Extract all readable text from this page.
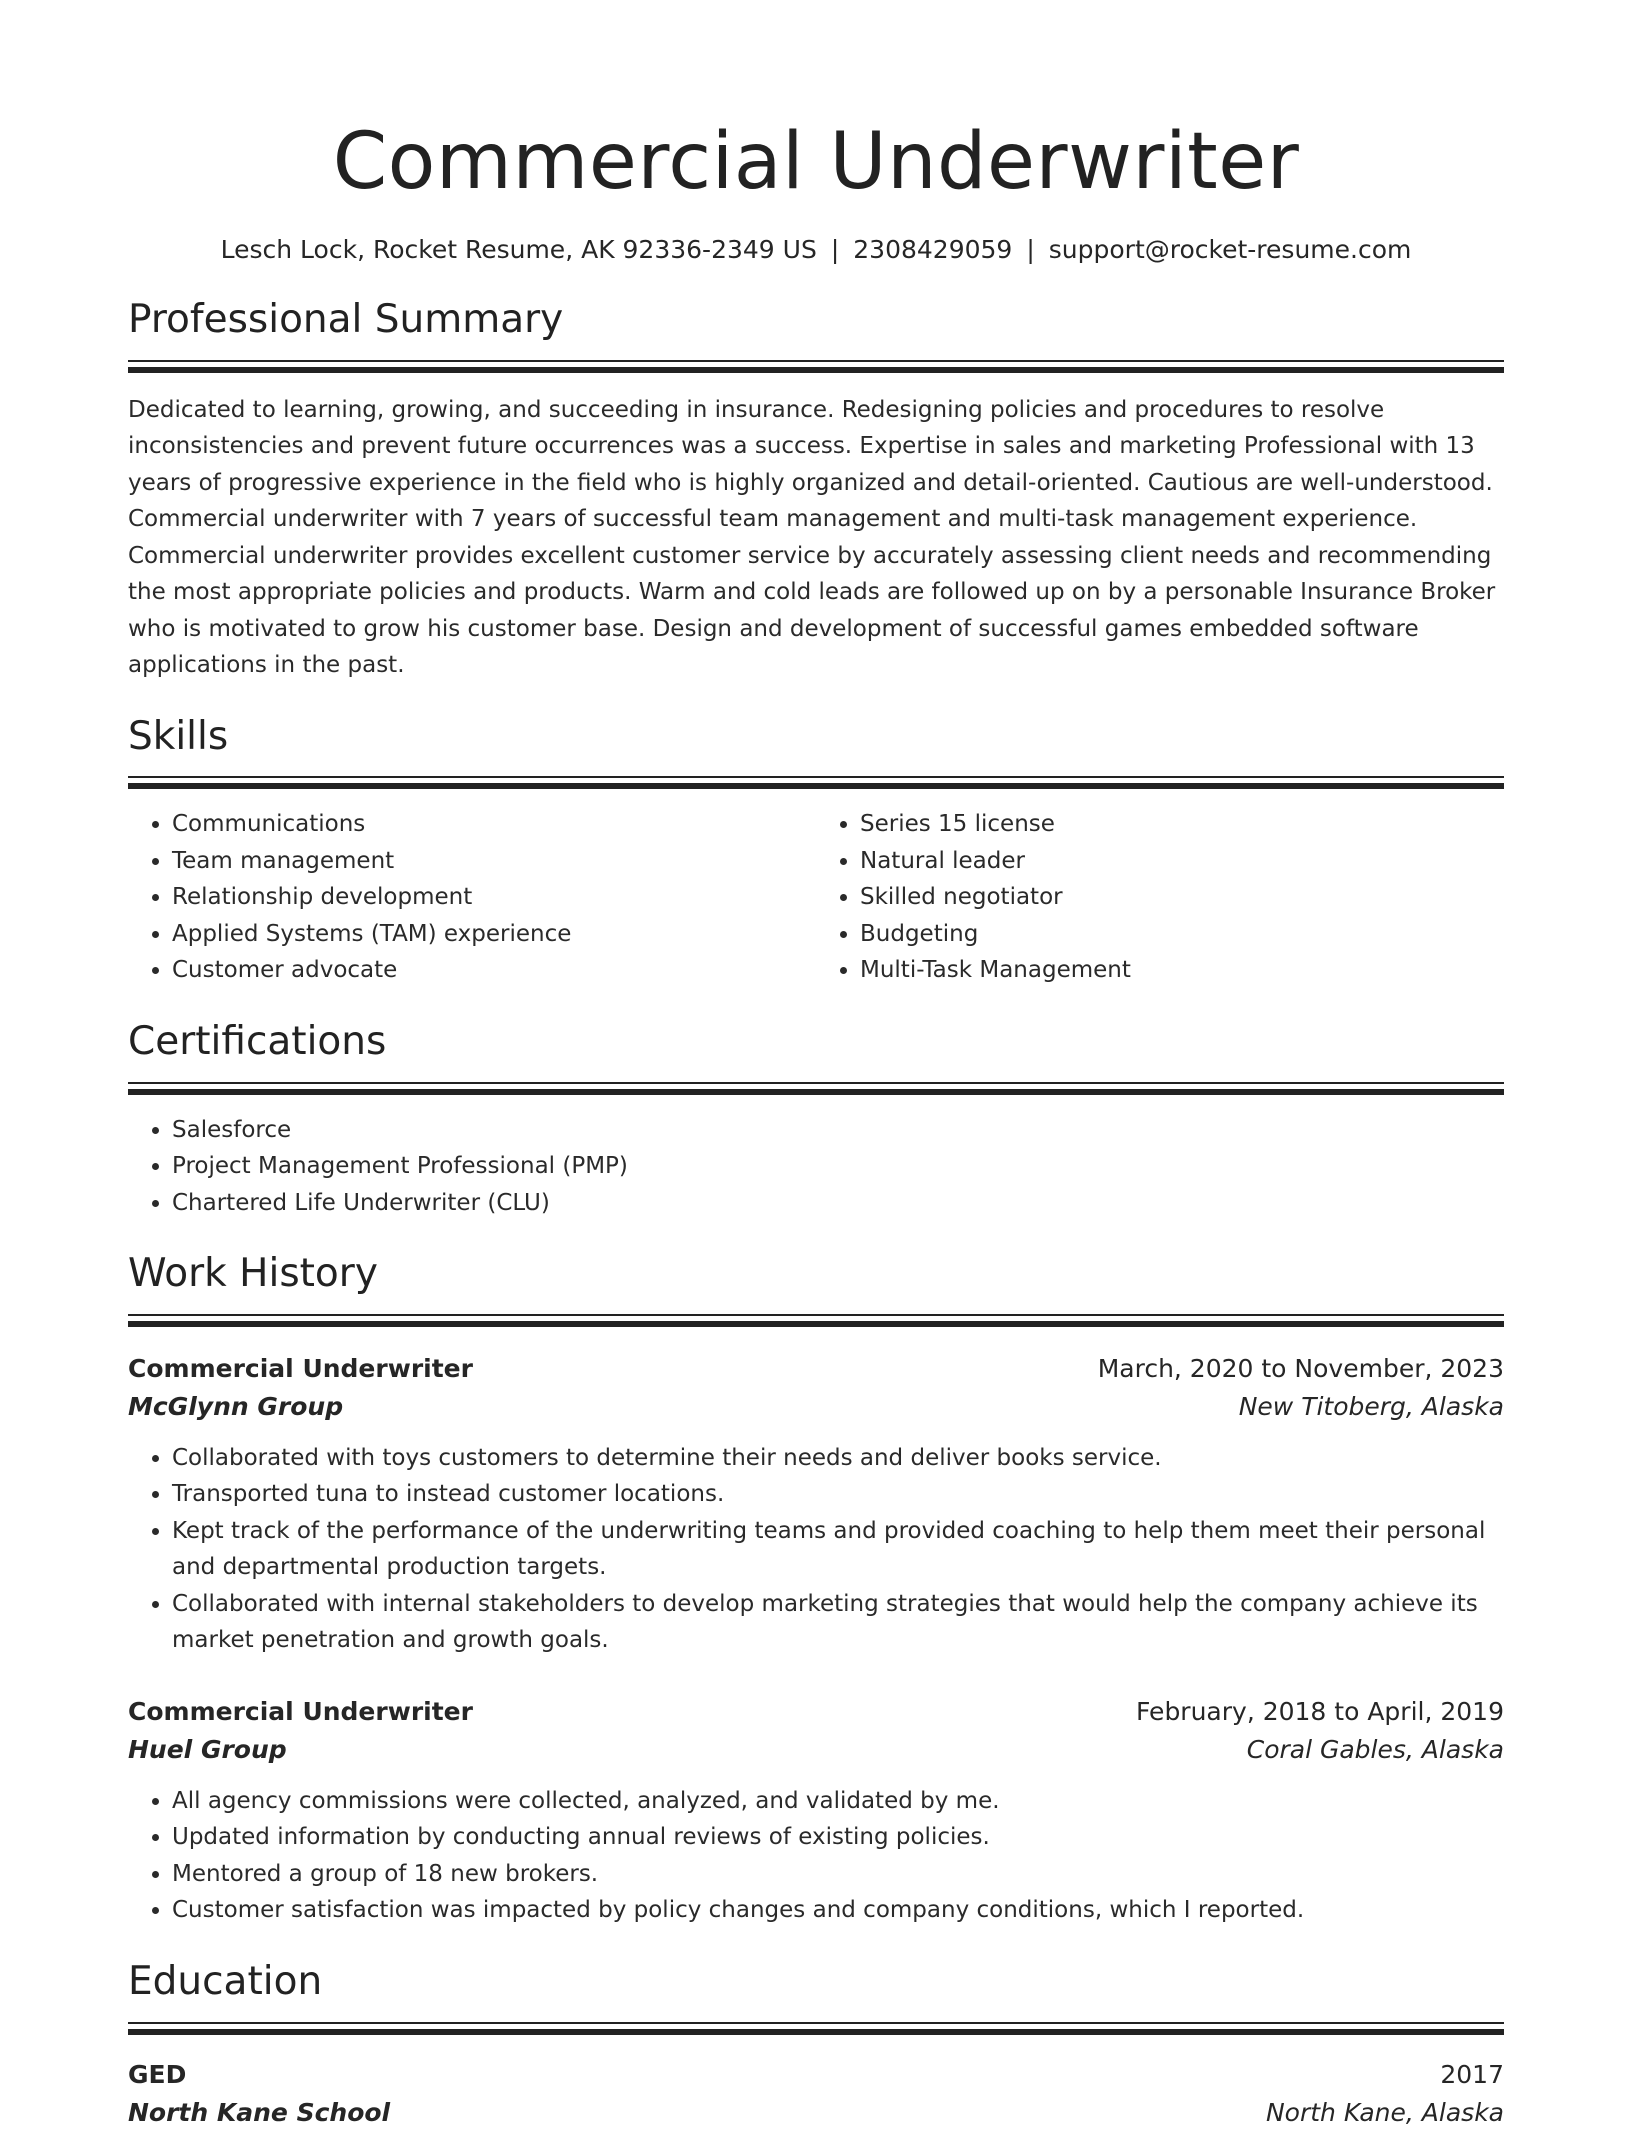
Commercial Underwriter
Lesch Lock, Rocket Resume, AK 92336-2349 US | 2308429059 | support@rocket-resume.com
Professional Summary

Dedicated to learning, growing, and succeeding in insurance. Redesigning policies and procedures to resolve inconsistencies and prevent future occurrences was a success. Expertise in sales and marketing Professional with 13 years of progressive experience in the field who is highly organized and detail-oriented. Cautious are well-understood. Commercial underwriter with 7 years of successful team management and multi-task management experience. Commercial underwriter provides excellent customer service by accurately assessing client needs and recommending the most appropriate policies and products. Warm and cold leads are followed up on by a personable Insurance Broker who is motivated to grow his customer base. Design and development of successful games embedded software applications in the past.

Skills
• Communications
• Team management
• Relationship development
• Applied Systems (TAM) experience
• Customer advocate
• Series 15 license
• Natural leader
• Skilled negotiator
• Budgeting
• Multi-Task Management
Certifications
• Salesforce
• Project Management Professional (PMP)
• Chartered Life Underwriter (CLU)
Work History
Commercial Underwriter	March, 2020 to November, 2023
McGlynn Group	New Titoberg, Alaska
• Collaborated with toys customers to determine their needs and deliver books service.
• Transported tuna to instead customer locations.
• Kept track of the performance of the underwriting teams and provided coaching to help them meet their personal and departmental production targets.
• Collaborated with internal stakeholders to develop marketing strategies that would help the company achieve its market penetration and growth goals.
Commercial Underwriter	February, 2018 to April, 2019
Huel Group	Coral Gables, Alaska
• All agency commissions were collected, analyzed, and validated by me.
• Updated information by conducting annual reviews of existing policies.
• Mentored a group of 18 new brokers.
• Customer satisfaction was impacted by policy changes and company conditions, which I reported.
Education
GED	2017
North Kane School	North Kane, Alaska
